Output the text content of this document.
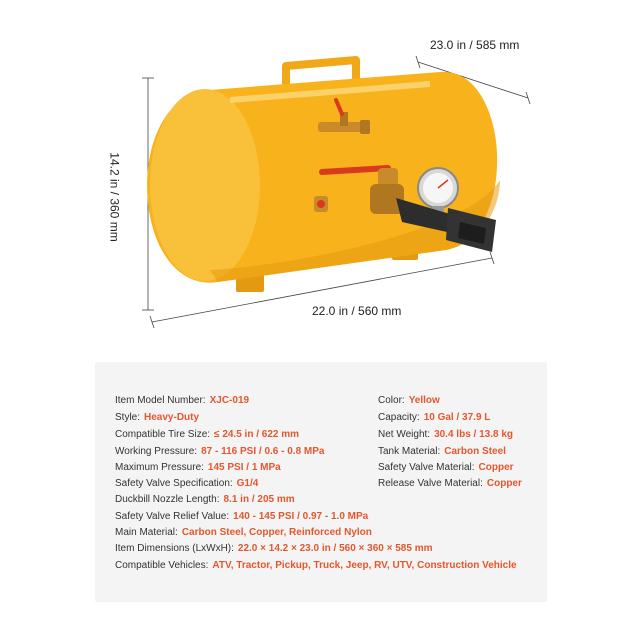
23.0 in / 585 mm
22.0 in / 560 mm
14.2 in / 360 mm
Item Model Number: XJC-019
Style: Heavy-Duty
Compatible Tire Size: ≤ 24.5 in / 622 mm
Working Pressure: 87 - 116 PSI / 0.6 - 0.8 MPa
Maximum Pressure: 145 PSI / 1 MPa
Safety Valve Specification: G1/4
Duckbill Nozzle Length: 8.1 in / 205 mm
Safety Valve Relief Value: 140 - 145 PSI / 0.97 - 1.0 MPa
Main Material: Carbon Steel, Copper, Reinforced Nylon
Item Dimensions (LxWxH): 22.0 × 14.2 × 23.0 in / 560 × 360 × 585 mm
Compatible Vehicles: ATV, Tractor, Pickup, Truck, Jeep, RV, UTV, Construction Vehicle
Color: Yellow
Capacity: 10 Gal / 37.9 L
Net Weight: 30.4 lbs / 13.8 kg
Tank Material: Carbon Steel
Safety Valve Material: Copper
Release Valve Material: Copper
